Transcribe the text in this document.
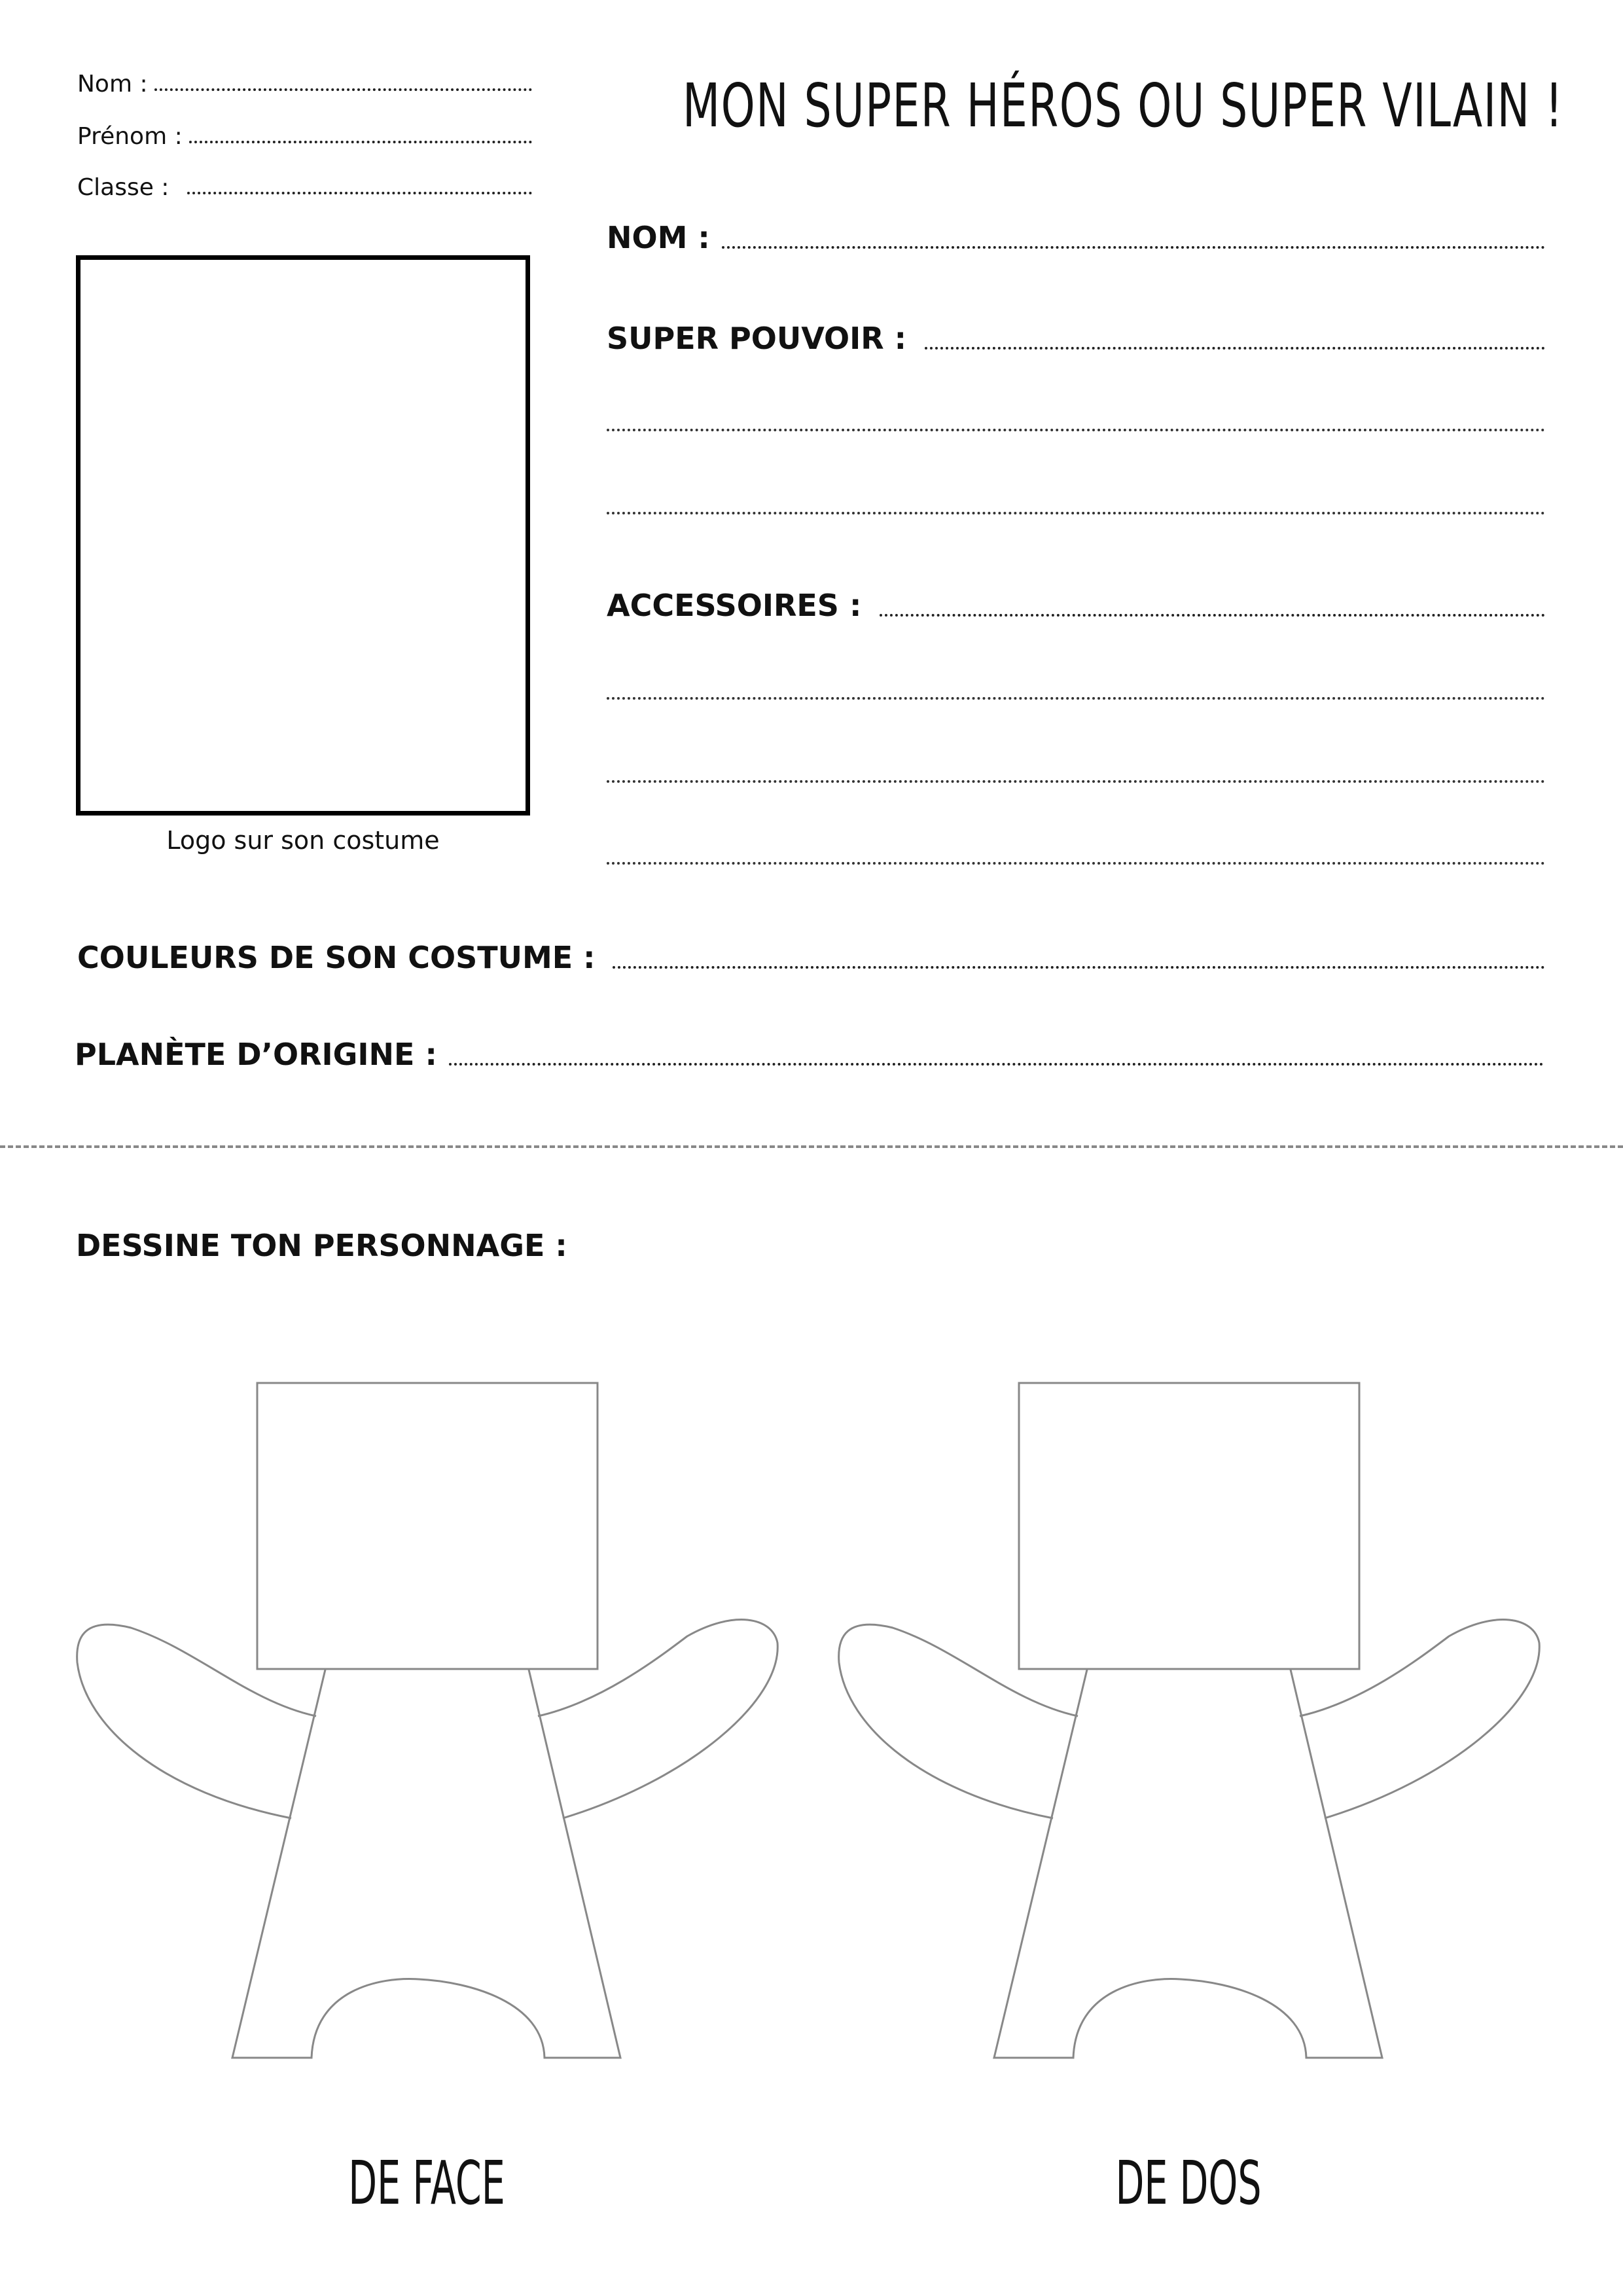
Nom :
Prénom :
Classe :
MON SUPER HÉROS OU SUPER VILAIN !
Logo sur son costume
NOM :
SUPER POUVOIR :
ACCESSOIRES :
COULEURS DE SON COSTUME :
PLANÈTE D’ORIGINE :
DESSINE TON PERSONNAGE :
DE FACE	DE DOS
